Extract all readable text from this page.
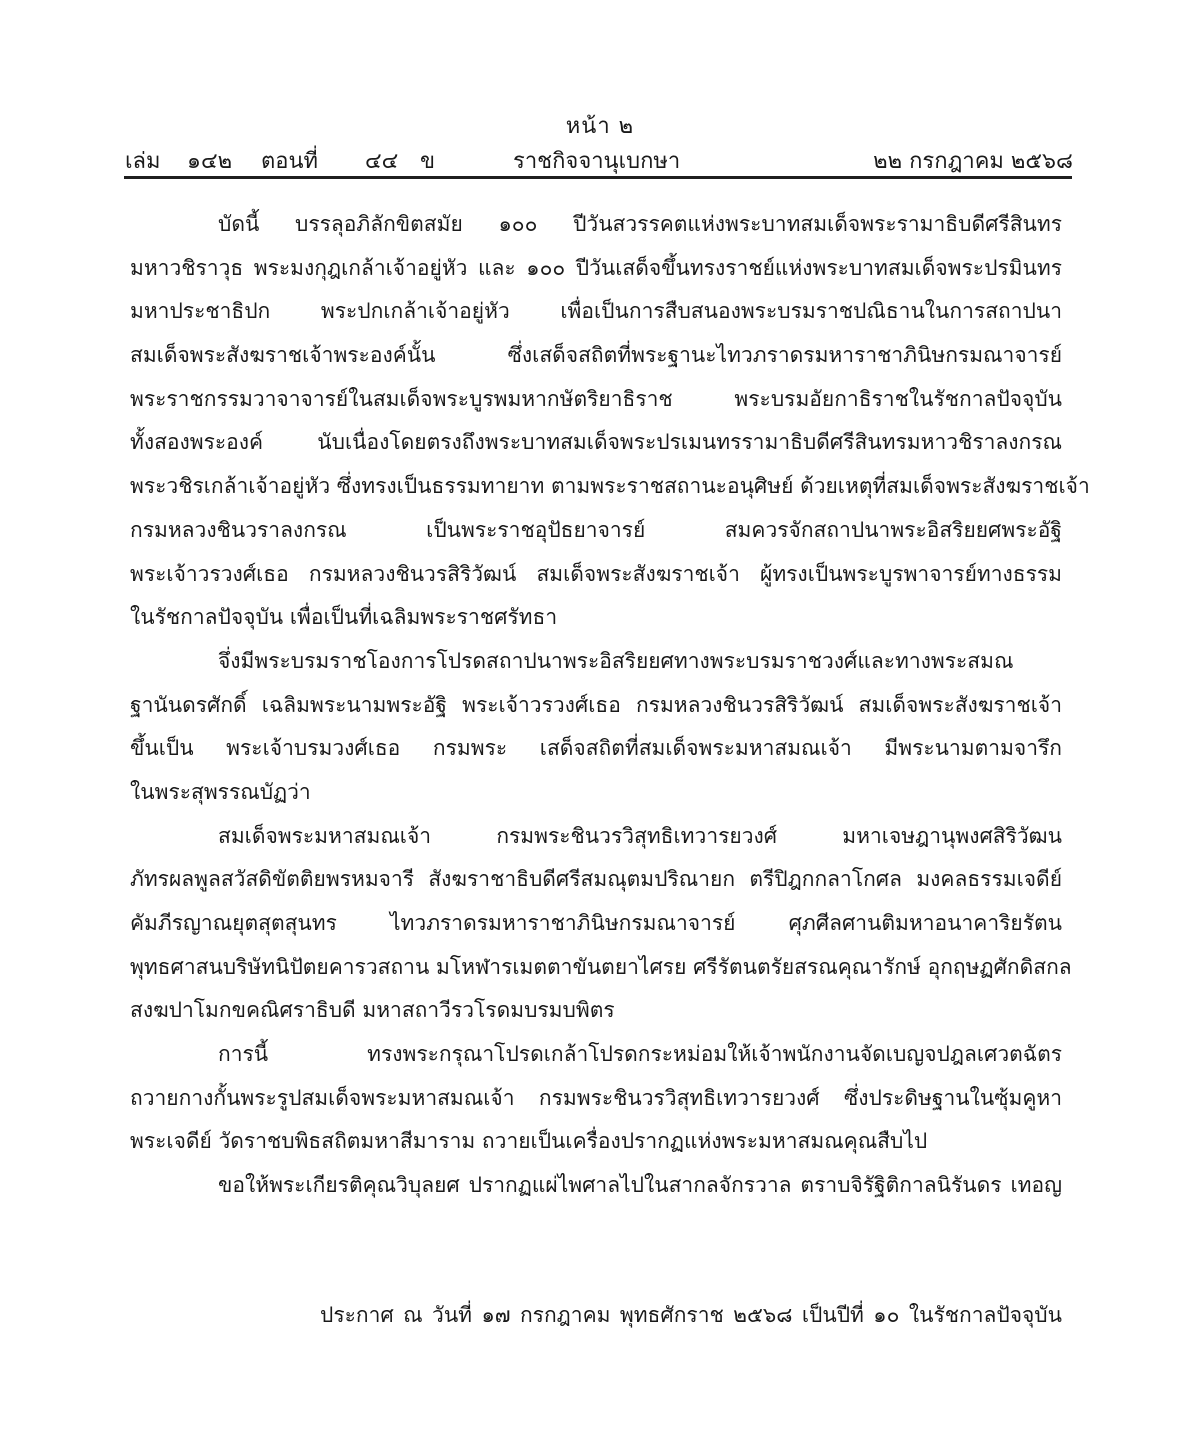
หน้า ๒
เล่ม ๑๔๒ ตอนที่ ๔๔ ข	ราชกิจจานุเบกษา	๒๒ กรกฎาคม ๒๕๖๘
บัดนี้ บรรลุอภิลักขิตสมัย ๑๐๐ ปีวันสวรรคตแห่งพระบาทสมเด็จพระรามาธิบดีศรีสินทร
มหาวชิราวุธ พระมงกุฎเกล้าเจ้าอยู่หัว และ ๑๐๐ ปีวันเสด็จขึ้นทรงราชย์แห่งพระบาทสมเด็จพระปรมินทร
มหาประชาธิปก พระปกเกล้าเจ้าอยู่หัว เพื่อเป็นการสืบสนองพระบรมราชปณิธานในการสถาปนา
สมเด็จพระสังฆราชเจ้าพระองค์นั้น ซึ่งเสด็จสถิตที่พระฐานะไทวภราดรมหาราชาภินิษกรมณาจารย์
พระราชกรรมวาจาจารย์ในสมเด็จพระบูรพมหากษัตริยาธิราช พระบรมอัยกาธิราชในรัชกาลปัจจุบัน
ทั้งสองพระองค์ นับเนื่องโดยตรงถึงพระบาทสมเด็จพระปรเมนทรรามาธิบดีศรีสินทรมหาวชิราลงกรณ
พระวชิรเกล้าเจ้าอยู่หัว ซึ่งทรงเป็นธรรมทายาท ตามพระราชสถานะอนุศิษย์ ด้วยเหตุที่สมเด็จพระสังฆราชเจ้า
กรมหลวงชินวราลงกรณ เป็นพระราชอุปัธยาจารย์ สมควรจักสถาปนาพระอิสริยยศพระอัฐิ
พระเจ้าวรวงศ์เธอ กรมหลวงชินวรสิริวัฒน์ สมเด็จพระสังฆราชเจ้า ผู้ทรงเป็นพระบูรพาจารย์ทางธรรม
ในรัชกาลปัจจุบัน เพื่อเป็นที่เฉลิมพระราชศรัทธา
จึ่งมีพระบรมราชโองการโปรดสถาปนาพระอิสริยยศทางพระบรมราชวงศ์และทางพระสมณ
ฐานันดรศักดิ์ เฉลิมพระนามพระอัฐิ พระเจ้าวรวงศ์เธอ กรมหลวงชินวรสิริวัฒน์ สมเด็จพระสังฆราชเจ้า
ขึ้นเป็น พระเจ้าบรมวงศ์เธอ กรมพระ เสด็จสถิตที่สมเด็จพระมหาสมณเจ้า มีพระนามตามจารึก
ในพระสุพรรณบัฏว่า
สมเด็จพระมหาสมณเจ้า กรมพระชินวรวิสุทธิเทวารยวงศ์ มหาเจษฎานุพงศสิริวัฒน
ภัทรผลพูลสวัสดิขัตติยพรหมจารี สังฆราชาธิบดีศรีสมณุตมปริณายก ตรีปิฎกกลาโกศล มงคลธรรมเจดีย์
คัมภีรญาณยุตสุตสุนทร ไทวภราดรมหาราชาภินิษกรมณาจารย์ ศุภศีลศานติมหาอนาคาริยรัตน
พุทธศาสนบริษัทนิปัตยคารวสถาน มโหฬารเมตตาขันตยาไศรย ศรีรัตนตรัยสรณคุณารักษ์ อุกฤษฏศักดิสกล
สงฆปาโมกขคณิศราธิบดี มหาสถาวีรวโรดมบรมบพิตร
การนี้ ทรงพระกรุณาโปรดเกล้าโปรดกระหม่อมให้เจ้าพนักงานจัดเบญจปฎลเศวตฉัตร
ถวายกางกั้นพระรูปสมเด็จพระมหาสมณเจ้า กรมพระชินวรวิสุทธิเทวารยวงศ์ ซึ่งประดิษฐานในซุ้มคูหา
พระเจดีย์ วัดราชบพิธสถิตมหาสีมาราม ถวายเป็นเครื่องปรากฏแห่งพระมหาสมณคุณสืบไป
ขอให้พระเกียรติคุณวิบุลยศ ปรากฏแผ่ไพศาลไปในสากลจักรวาล ตราบจิรัฐิติกาลนิรันดร เทอญ
ประกาศ ณ วันที่ ๑๗ กรกฎาคม พุทธศักราช ๒๕๖๘ เป็นปีที่ ๑๐ ในรัชกาลปัจจุบัน
